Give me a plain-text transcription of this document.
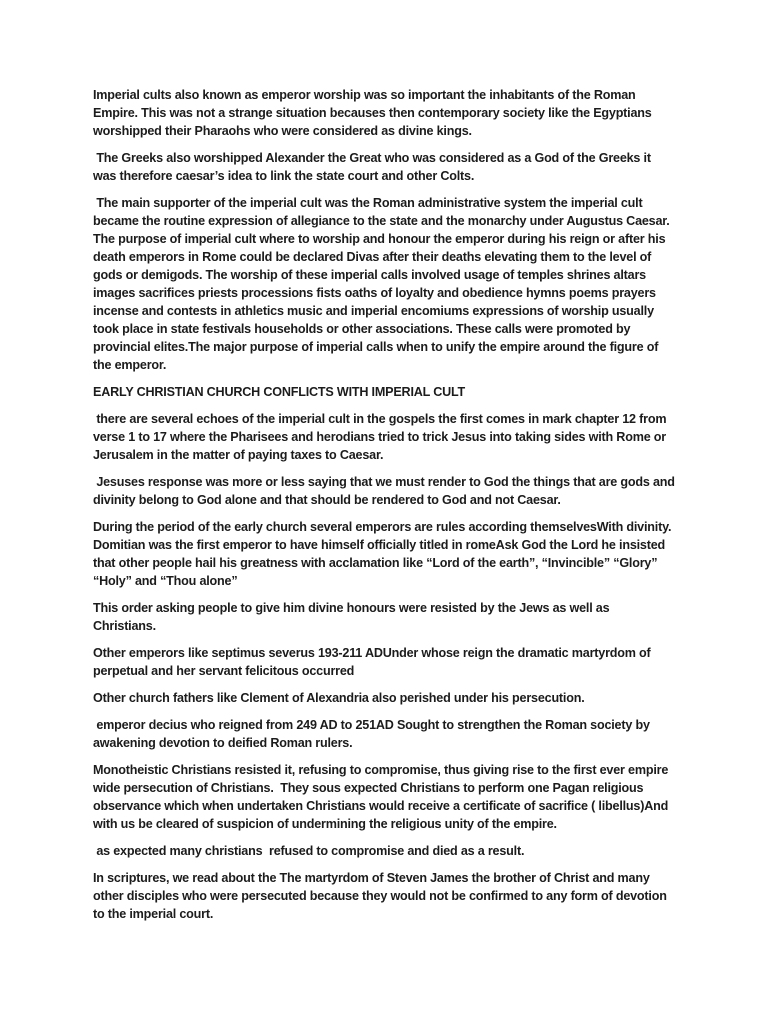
Imperial cults also known as emperor worship was so important the inhabitants of the Roman Empire. This was not a strange situation becauses then contemporary society like the Egyptians worshipped their Pharaohs who were considered as divine kings.

The Greeks also worshipped Alexander the Great who was considered as a God of the Greeks it was therefore caesar’s idea to link the state court and other Colts.

The main supporter of the imperial cult was the Roman administrative system the imperial cult became the routine expression of allegiance to the state and the monarchy under Augustus Caesar. The purpose of imperial cult where to worship and honour the emperor during his reign or after his death emperors in Rome could be declared Divas after their deaths elevating them to the level of gods or demigods. The worship of these imperial calls involved usage of temples shrines altars images sacrifices priests processions fists oaths of loyalty and obedience hymns poems prayers incense and contests in athletics music and imperial encomiums expressions of worship usually took place in state festivals households or other associations. These calls were promoted by provincial elites.The major purpose of imperial calls when to unify the empire around the figure of the emperor.

EARLY CHRISTIAN CHURCH CONFLICTS WITH IMPERIAL CULT

there are several echoes of the imperial cult in the gospels the first comes in mark chapter 12 from verse 1 to 17 where the Pharisees and herodians tried to trick Jesus into taking sides with Rome or Jerusalem in the matter of paying taxes to Caesar.

Jesuses response was more or less saying that we must render to God the things that are gods and divinity belong to God alone and that should be rendered to God and not Caesar.

During the period of the early church several emperors are rules according themselvesWith divinity. Domitian was the first emperor to have himself officially titled in romeAsk God the Lord he insisted that other people hail his greatness with acclamation like “Lord of the earth”, “Invincible” “Glory” “Holy” and “Thou alone”

This order asking people to give him divine honours were resisted by the Jews as well as Christians.

Other emperors like septimus severus 193-211 ADUnder whose reign the dramatic martyrdom of perpetual and her servant felicitous occurred

Other church fathers like Clement of Alexandria also perished under his persecution.

emperor decius who reigned from 249 AD to 251AD Sought to strengthen the Roman society by awakening devotion to deified Roman rulers.

Monotheistic Christians resisted it, refusing to compromise, thus giving rise to the first ever empire wide persecution of Christians.  They sous expected Christians to perform one Pagan religious observance which when undertaken Christians would receive a certificate of sacrifice ( libellus)And with us be cleared of suspicion of undermining the religious unity of the empire.

as expected many christians  refused to compromise and died as a result.

In scriptures, we read about the The martyrdom of Steven James the brother of Christ and many other disciples who were persecuted because they would not be confirmed to any form of devotion to the imperial court.
